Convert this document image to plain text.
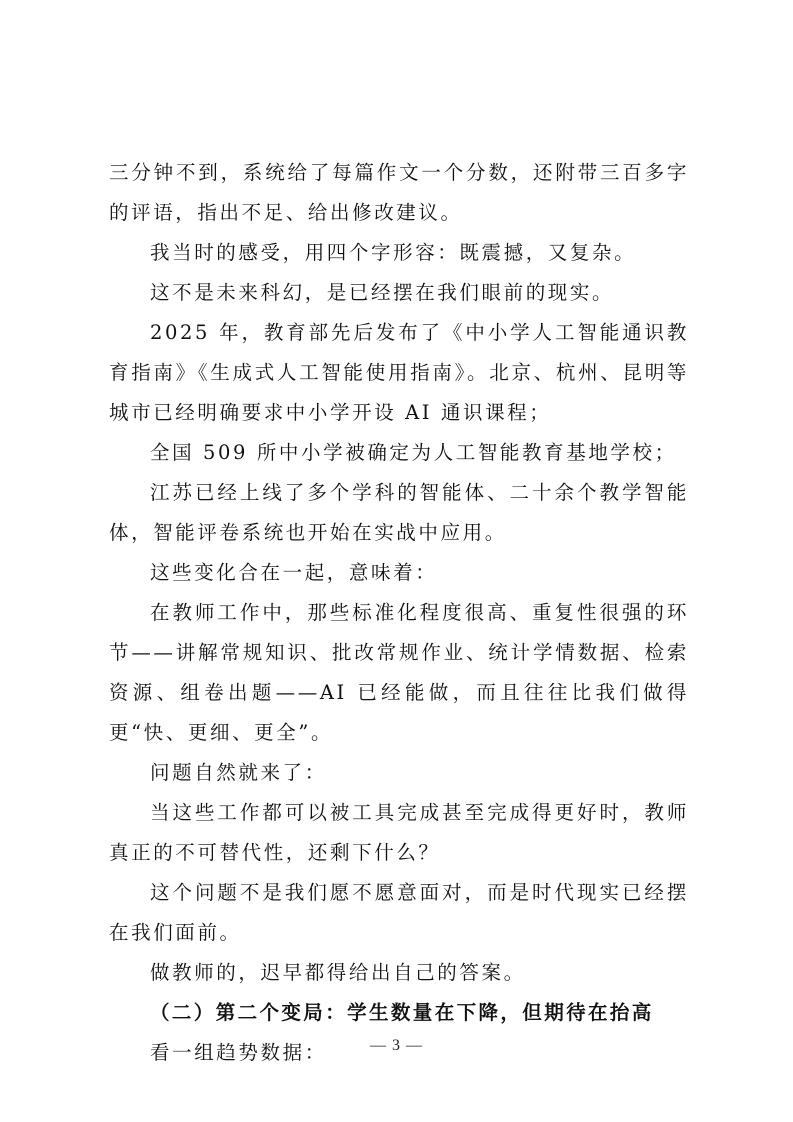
三分钟不到，系统给了每篇作文一个分数，还附带三百多字的评语，指出不足、给出修改建议。

我当时的感受，用四个字形容：既震撼，又复杂。

这不是未来科幻，是已经摆在我们眼前的现实。

2025 年，教育部先后发布了《中小学人工智能通识教育指南》《生成式人工智能使用指南》。北京、杭州、昆明等城市已经明确要求中小学开设 AI 通识课程；

全国 509 所中小学被确定为人工智能教育基地学校；

江苏已经上线了多个学科的智能体、二十余个教学智能体，智能评卷系统也开始在实战中应用。

这些变化合在一起，意味着：

在教师工作中，那些标准化程度很高、重复性很强的环节——讲解常规知识、批改常规作业、统计学情数据、检索资源、组卷出题——AI 已经能做，而且往往比我们做得更“快、更细、更全”。

问题自然就来了：

当这些工作都可以被工具完成甚至完成得更好时，教师真正的不可替代性，还剩下什么？

这个问题不是我们愿不愿意面对，而是时代现实已经摆在我们面前。

做教师的，迟早都得给出自己的答案。

（二）第二个变局：学生数量在下降，但期待在抬高

看一组趋势数据：	— 3 —
